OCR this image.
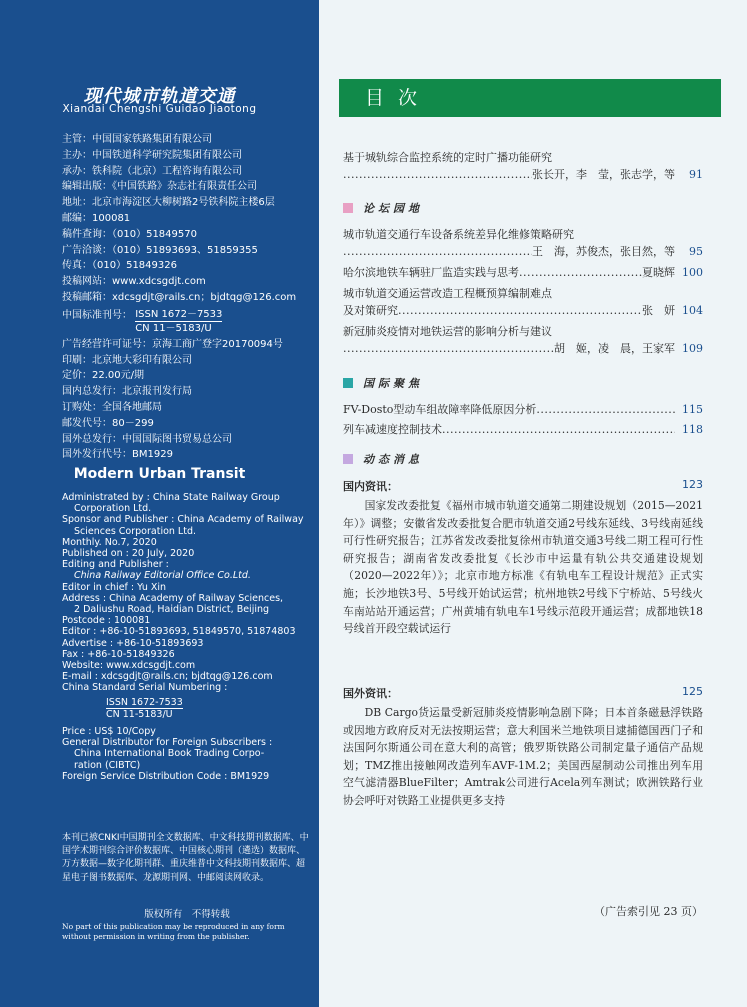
现代城市轨道交通
Xiandai Chengshi Guidao Jiaotong
主管：中国国家铁路集团有限公司
主办：中国铁道科学研究院集团有限公司
承办：铁科院（北京）工程咨询有限公司
编辑出版：《中国铁路》杂志社有限责任公司
地址：北京市海淀区大柳树路2号铁科院主楼6层
邮编：100081
稿件查询：（010）51849570
广告洽谈：（010）51893693、51859355
传真：（010）51849326
投稿网站：www.xdcsgdjt.com
投稿邮箱：xdcsgdjt@rails.cn；bjdtqg@126.com
中国标准刊号： ISSN 1672－7533
CN 11－5183/U
广告经营许可证号：京海工商广登字20170094号
印刷：北京地大彩印有限公司
定价：22.00元/期
国内总发行：北京报刊发行局
订购处：全国各地邮局
邮发代号：80－299
国外总发行：中国国际图书贸易总公司
国外发行代号：BM1929
Modern Urban Transit
Administrated by : China State Railway Group
Corporation Ltd.
Sponsor and Publisher : China Academy of Railway
Sciences Corporation Ltd.
Monthly. No.7, 2020
Published on : 20 July, 2020
Editing and Publisher :
China Railway Editorial Office Co.Ltd.
Editor in chief : Yu Xin
Address : China Academy of Railway Sciences,
2 Daliushu Road, Haidian District, Beijing
Postcode : 100081
Editor : +86-10-51893693, 51849570, 51874803
Advertise : +86-10-51893693
Fax : +86-10-51849326
Website: www.xdcsgdjt.com
E-mail : xdcsgdjt@rails.cn; bjdtqg@126.com
China Standard Serial Numbering :
ISSN 1672-7533

CN 11-5183/U
Price : US$ 10/Copy
General Distributor for Foreign Subscribers :
China International Book Trading Corpo-
ration (CIBTC)
Foreign Service Distribution Code : BM1929
本刊已被CNKI中国期刊全文数据库、中文科技期刊数据库、中国学术期刊综合评价数据库、中国核心期刊（遴选）数据库、万方数据—数字化期刊群、重庆维普中文科技期刊数据库、超星电子图书数据库、龙源期刊网、中邮阅读网收录。
版权所有　不得转载
No part of this publication may be reproduced in any form without permission in writing from the publisher.
目次
基于城轨综合监控系统的定时广播功能研究
. . .
张长开，李　莹，张志学，等	91
论坛园地
城市轨道交通行车设备系统差异化维修策略研究
. . .
王　海，苏俊杰，张目然，等	95
哈尔滨地铁车辆驻厂监造实践与思考 . . .	夏晓辉 100
城市轨道交通运营改造工程概预算编制难点
及对策研究 . . .	张　妍 104
新冠肺炎疫情对地铁运营的影响分析与建议
. . .
胡　姬，凌　晨，王家军 109
国际聚焦
FV-Dosto型动车组故障率降低原因分析 . . .	115
列车减速度控制技术 . . .	118
动态消息
国内资讯：	123
国家发改委批复《福州市城市轨道交通第二期建设规划（2015—2021年）》调整；安徽省发改委批复合肥市轨道交通2号线东延线、3号线南延线可行性研究报告；江苏省发改委批复徐州市轨道交通3号线二期工程可行性研究报告；湖南省发改委批复《长沙市中运量有轨公共交通建设规划（2020—2022年）》；北京市地方标准《有轨电车工程设计规范》正式实施；长沙地铁3号、5号线开始试运营；杭州地铁2号线下宁桥站、5号线火车南站站开通运营；广州黄埔有轨电车1号线示范段开通运营；成都地铁18号线首开段空载试运行
国外资讯：	125
DB Cargo货运量受新冠肺炎疫情影响急剧下降；日本首条磁悬浮铁路或因地方政府反对无法按期运营；意大利国米兰地铁项目逮捕德国西门子和法国阿尔斯通公司在意大利的高管；俄罗斯铁路公司制定量子通信产品规划；TMZ推出接触网改造列车AVF-1M.2；美国西屋制动公司推出列车用空气滤清器BlueFilter；Amtrak公司进行Acela列车测试；欧洲铁路行业协会呼吁对铁路工业提供更多支持
（广告索引见 23 页）
